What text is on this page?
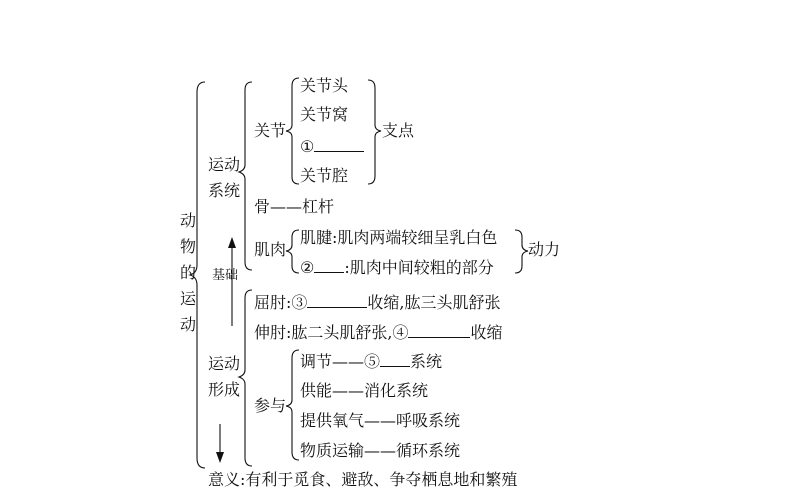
动物的运动
运动系统
关节
关节头
关节窝
①
关节腔
支点
骨——杠杆
肌肉
肌腱:肌肉两端较细呈乳白色
② :肌肉中间较粗的部分
动力
基础
屈肘:③	收缩,肱三头肌舒张
伸肘:肱二头肌舒张,④	收缩
运动形成
参与
调节——⑤ 系统
供能——消化系统
提供氧气——呼吸系统
物质运输——循环系统
意义:有利于觅食、避敌、争夺栖息地和繁殖
